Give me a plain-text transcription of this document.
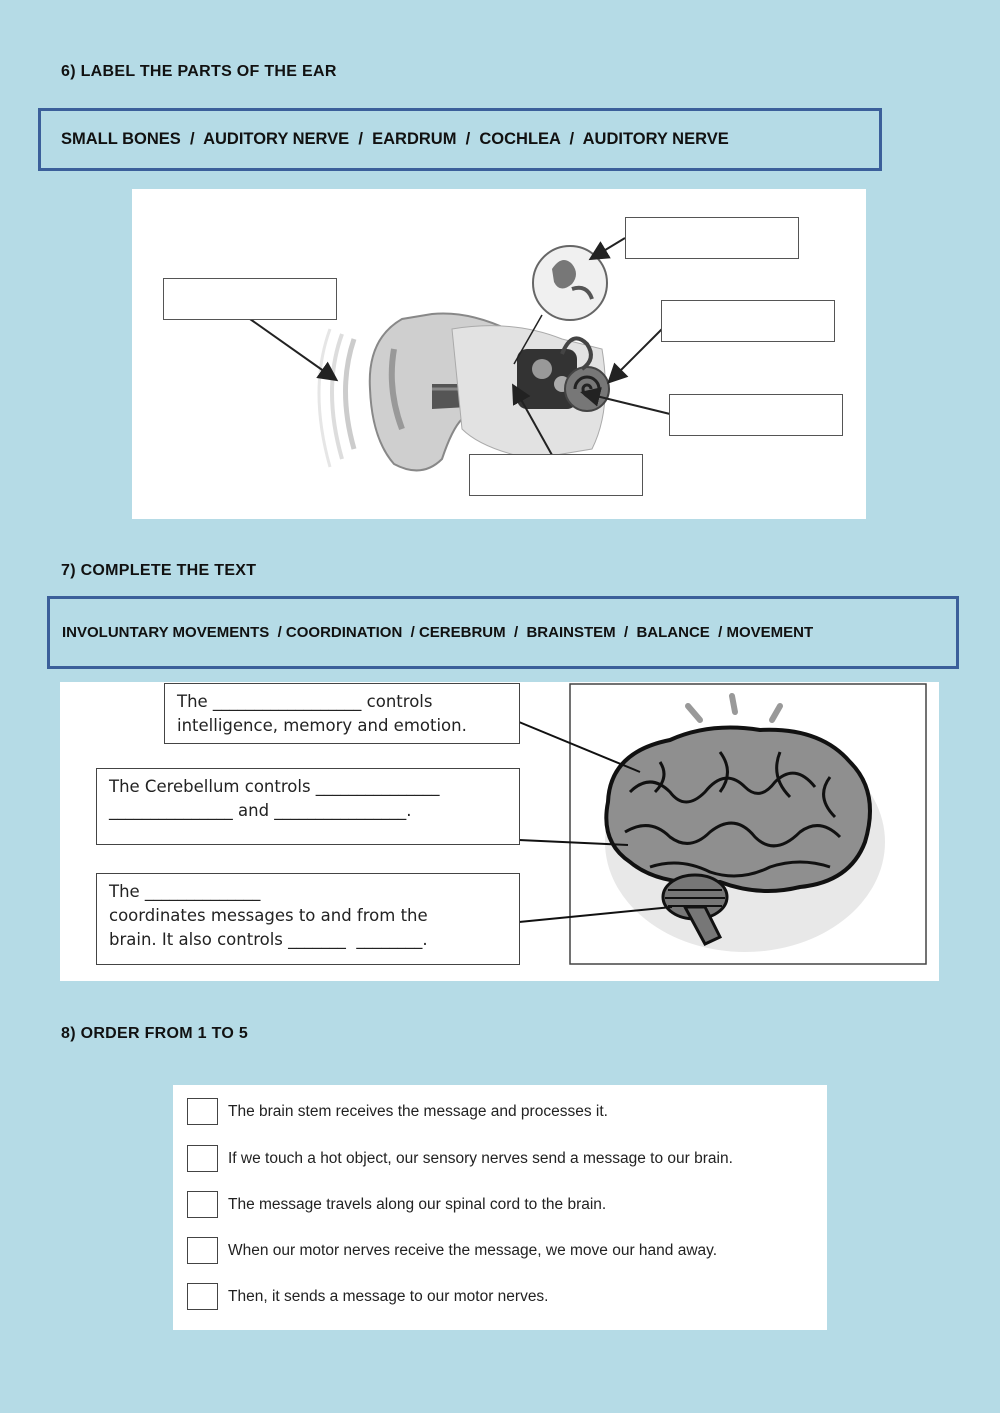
6) LABEL THE PARTS OF THE EAR
SMALL BONES  /  AUDITORY NERVE  /  EARDRUM  /  COCHLEA  /  AUDITORY NERVE
7) COMPLETE THE TEXT
INVOLUNTARY MOVEMENTS  / COORDINATION  / CEREBRUM  /  BRAINSTEM  /  BALANCE  / MOVEMENT
The __________________ controls
intelligence, memory and emotion.
The Cerebellum controls _______________
_______________ and ________________.
The ______________
coordinates messages to and from the
brain. It also controls _______  ________.
8) ORDER FROM 1 TO 5
The brain stem receives the message and processes it.
If we touch a hot object, our sensory nerves send a message to our brain.
The message travels along our spinal cord to the brain.
When our motor nerves receive the message, we move our hand away.
Then, it sends a message to our motor nerves.
